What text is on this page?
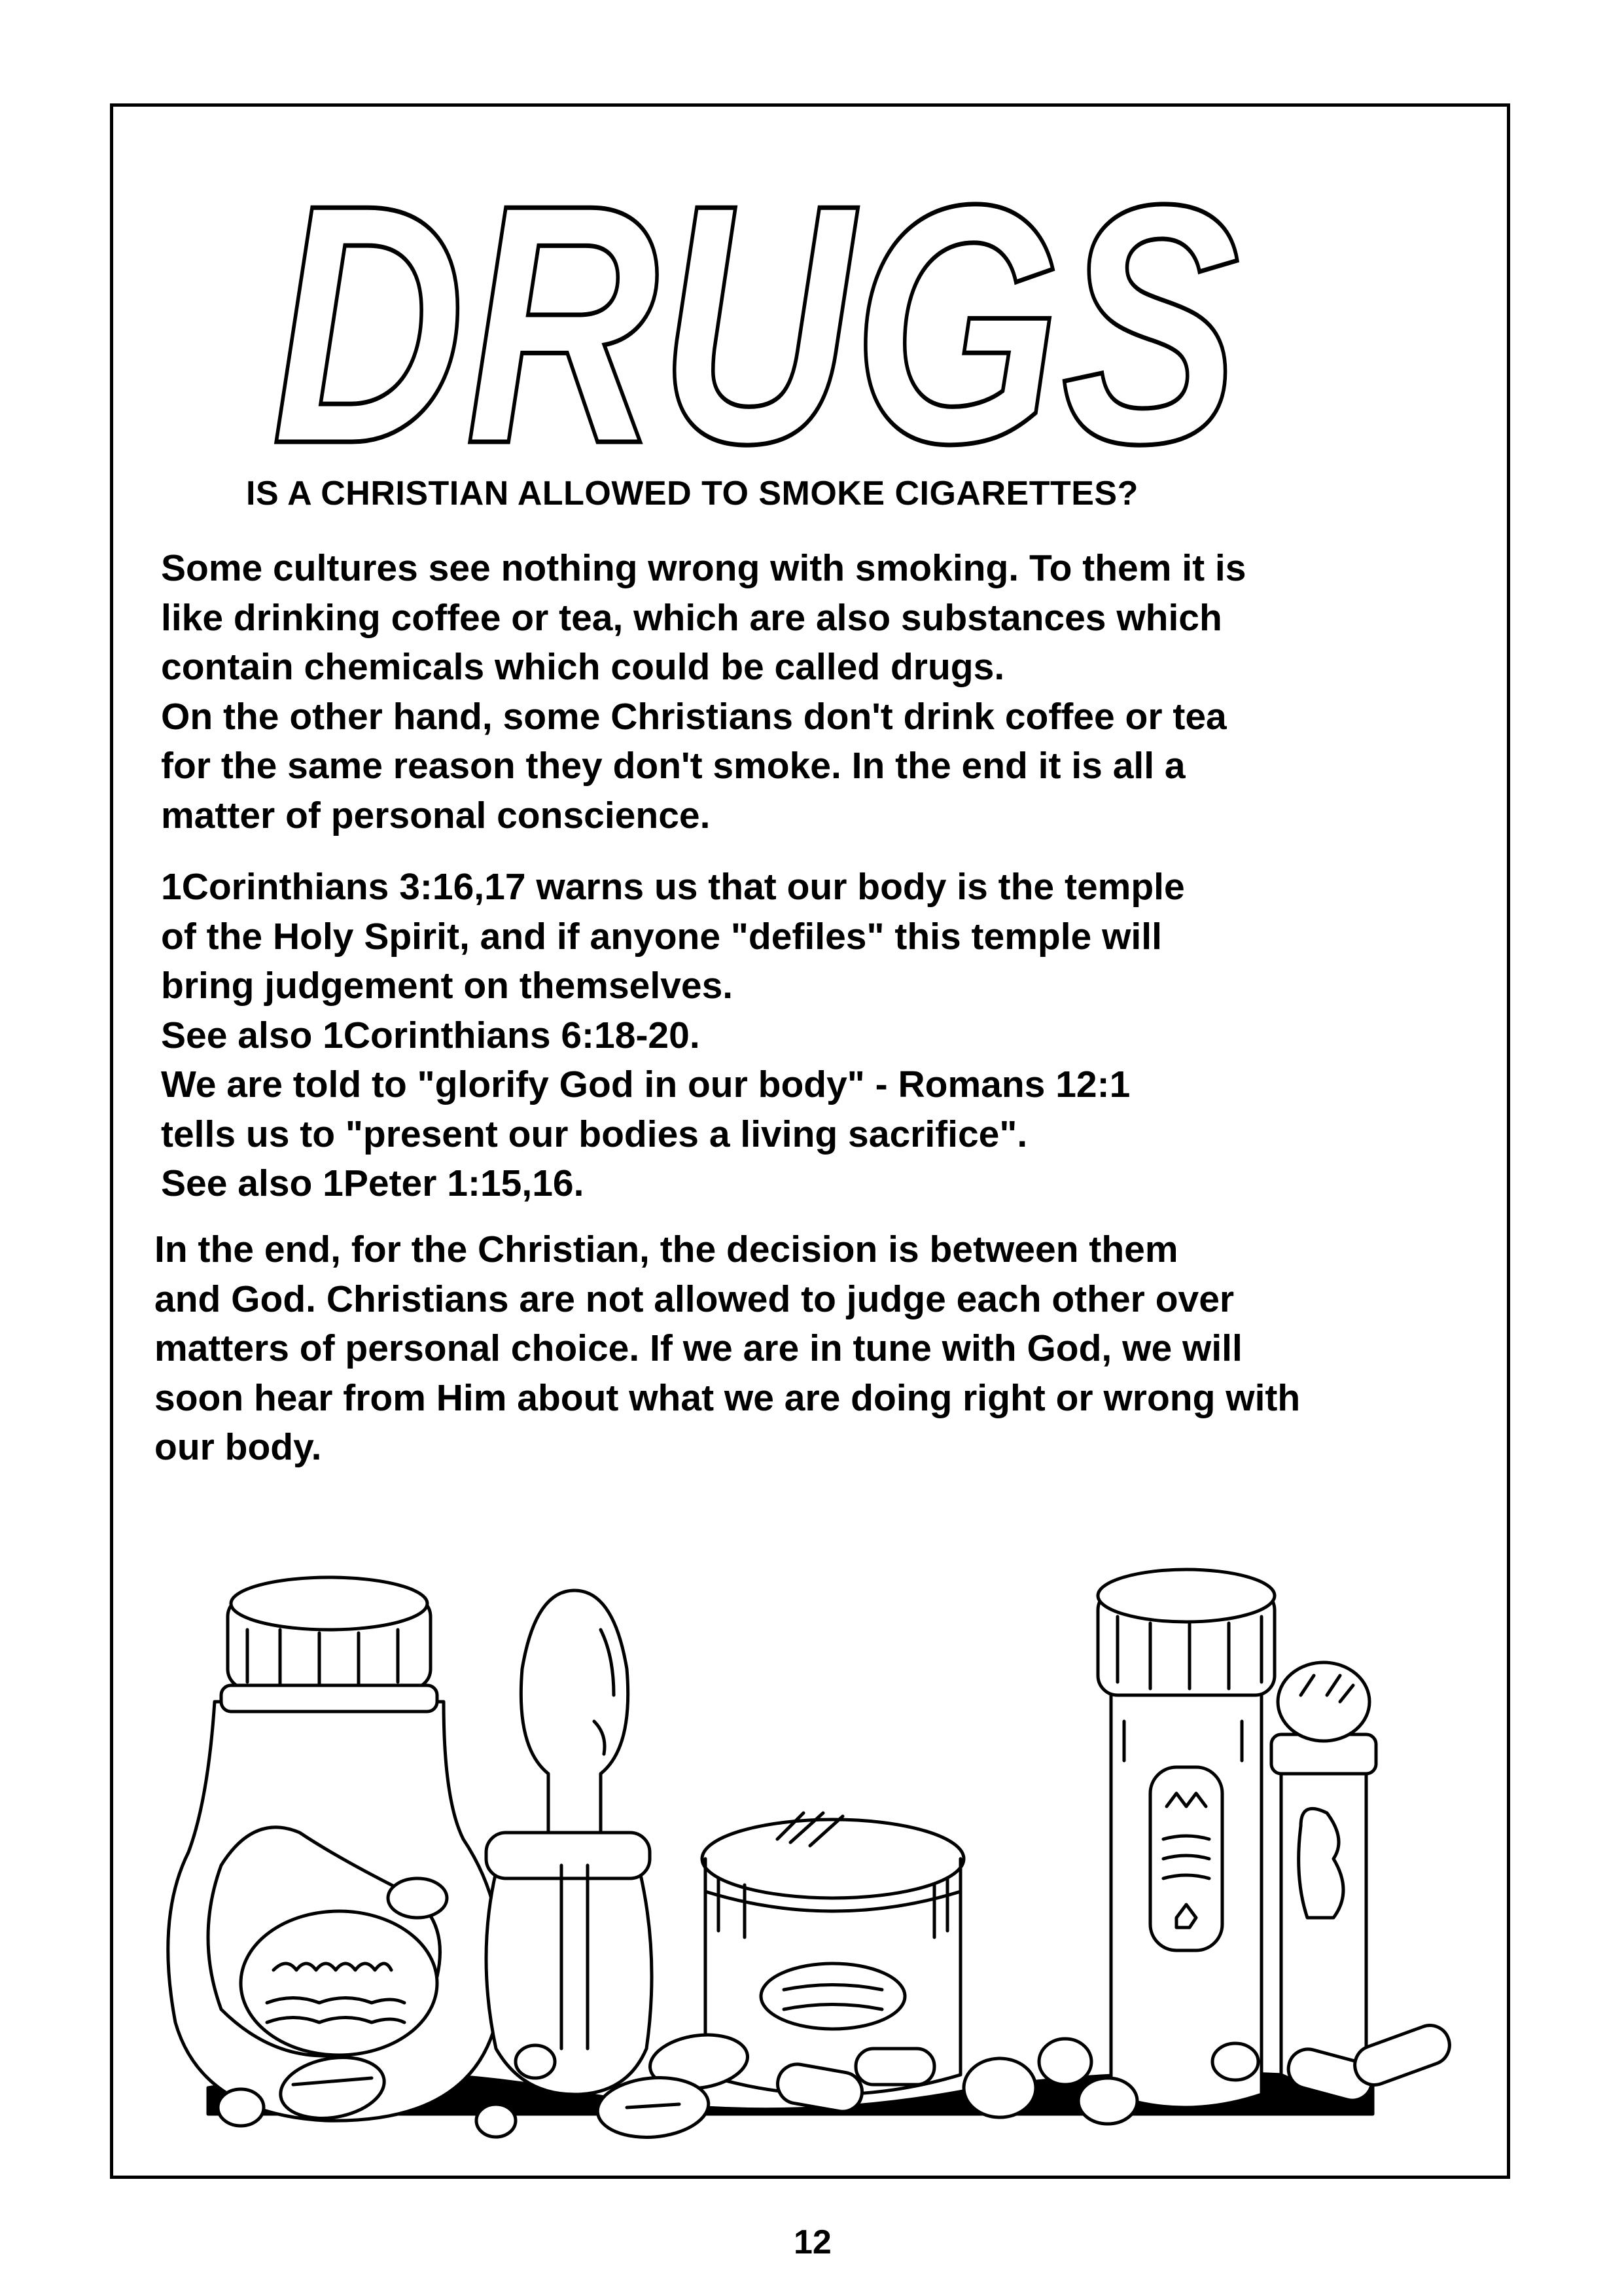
DRUGS
IS A CHRISTIAN ALLOWED TO SMOKE CIGARETTES?
Some cultures see nothing wrong with smoking. To them it is
like drinking coffee or tea, which are also substances which
contain chemicals which could be called drugs.
On the other hand, some Christians don't drink coffee or tea
for the same reason they don't smoke. In the end it is all a
matter of personal conscience.
1Corinthians 3:16,17 warns us that our body is the temple
of the Holy Spirit, and if anyone "defiles" this temple will
bring judgement on themselves.
See also 1Corinthians 6:18-20.
We are told to "glorify God in our body" - Romans 12:1
tells us to "present our bodies a living sacrifice".
See also 1Peter 1:15,16.
In the end, for the Christian, the decision is between them
and God. Christians are not allowed to judge each other over
matters of personal choice. If we are in tune with God, we will
soon hear from Him about what we are doing right or wrong with
our body.
12
